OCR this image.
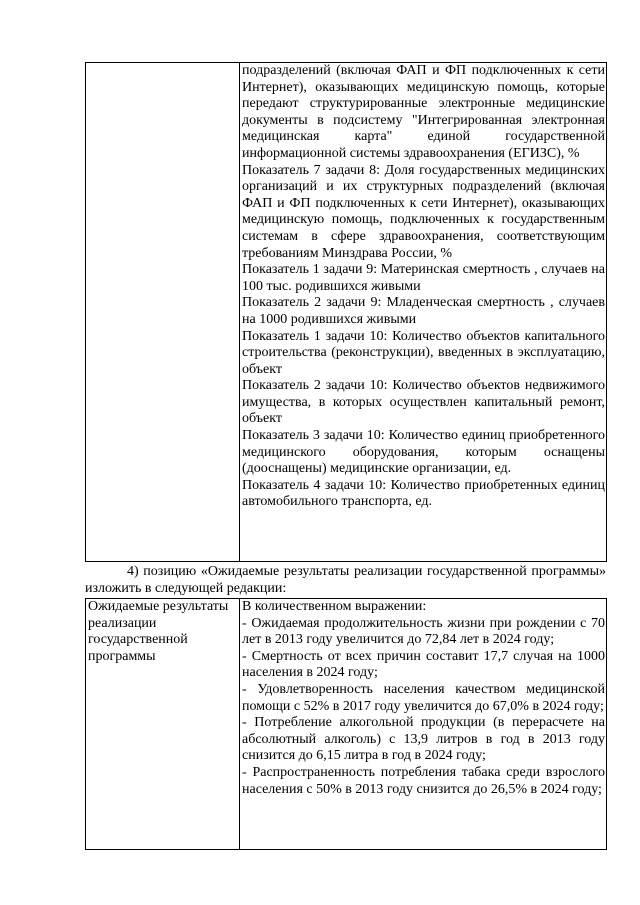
подразделений (включая ФАП и ФП подключенных к сети Интернет), оказывающих медицинскую помощь, которые передают структурированные электронные медицинские документы в подсистему "Интегрированная электронная медицинская карта" единой государственной информационной системы здравоохранения (ЕГИЗС), %

Показатель 7 задачи 8: Доля государственных медицинских организаций и их структурных подразделений (включая ФАП и ФП подключенных к сети Интернет), оказывающих медицинскую помощь, подключенных к государственным системам в сфере здравоохранения, соответствующим требованиям Минздрава России, %

Показатель 1 задачи 9: Материнская смертность , случаев на 100 тыс. родившихся живыми

Показатель 2 задачи 9: Младенческая смертность , случаев на 1000 родившихся живыми

Показатель 1 задачи 10: Количество объектов капитального строительства (реконструкции), введенных в эксплуатацию, объект

Показатель 2 задачи 10: Количество объектов недвижимого имущества, в которых осуществлен капитальный ремонт, объект

Показатель 3 задачи 10: Количество единиц приобретенного медицинского оборудования, которым оснащены (дооснащены) медицинские организации, ед.

Показатель 4 задачи 10: Количество приобретенных единиц автомобильного транспорта, ед.

4) позицию «Ожидаемые результаты реализации государственной программы» изложить в следующей редакции:

Ожидаемые результаты реализации государственной программы

В количественном выражении:

- Ожидаемая продолжительность жизни при рождении с 70 лет в 2013 году увеличится до 72,84 лет в 2024 году;

- Смертность от всех причин составит 17,7 случая на 1000 населения в 2024 году;

- Удовлетворенность населения качеством медицинской помощи с 52% в 2017 году увеличится до 67,0% в 2024 году;

- Потребление алкогольной продукции (в перерасчете на абсолютный алкоголь) с 13,9 литров в год в 2013 году снизится до 6,15 литра в год в 2024 году;

- Распространенность потребления табака среди взрослого населения с 50% в 2013 году снизится до 26,5% в 2024 году;
